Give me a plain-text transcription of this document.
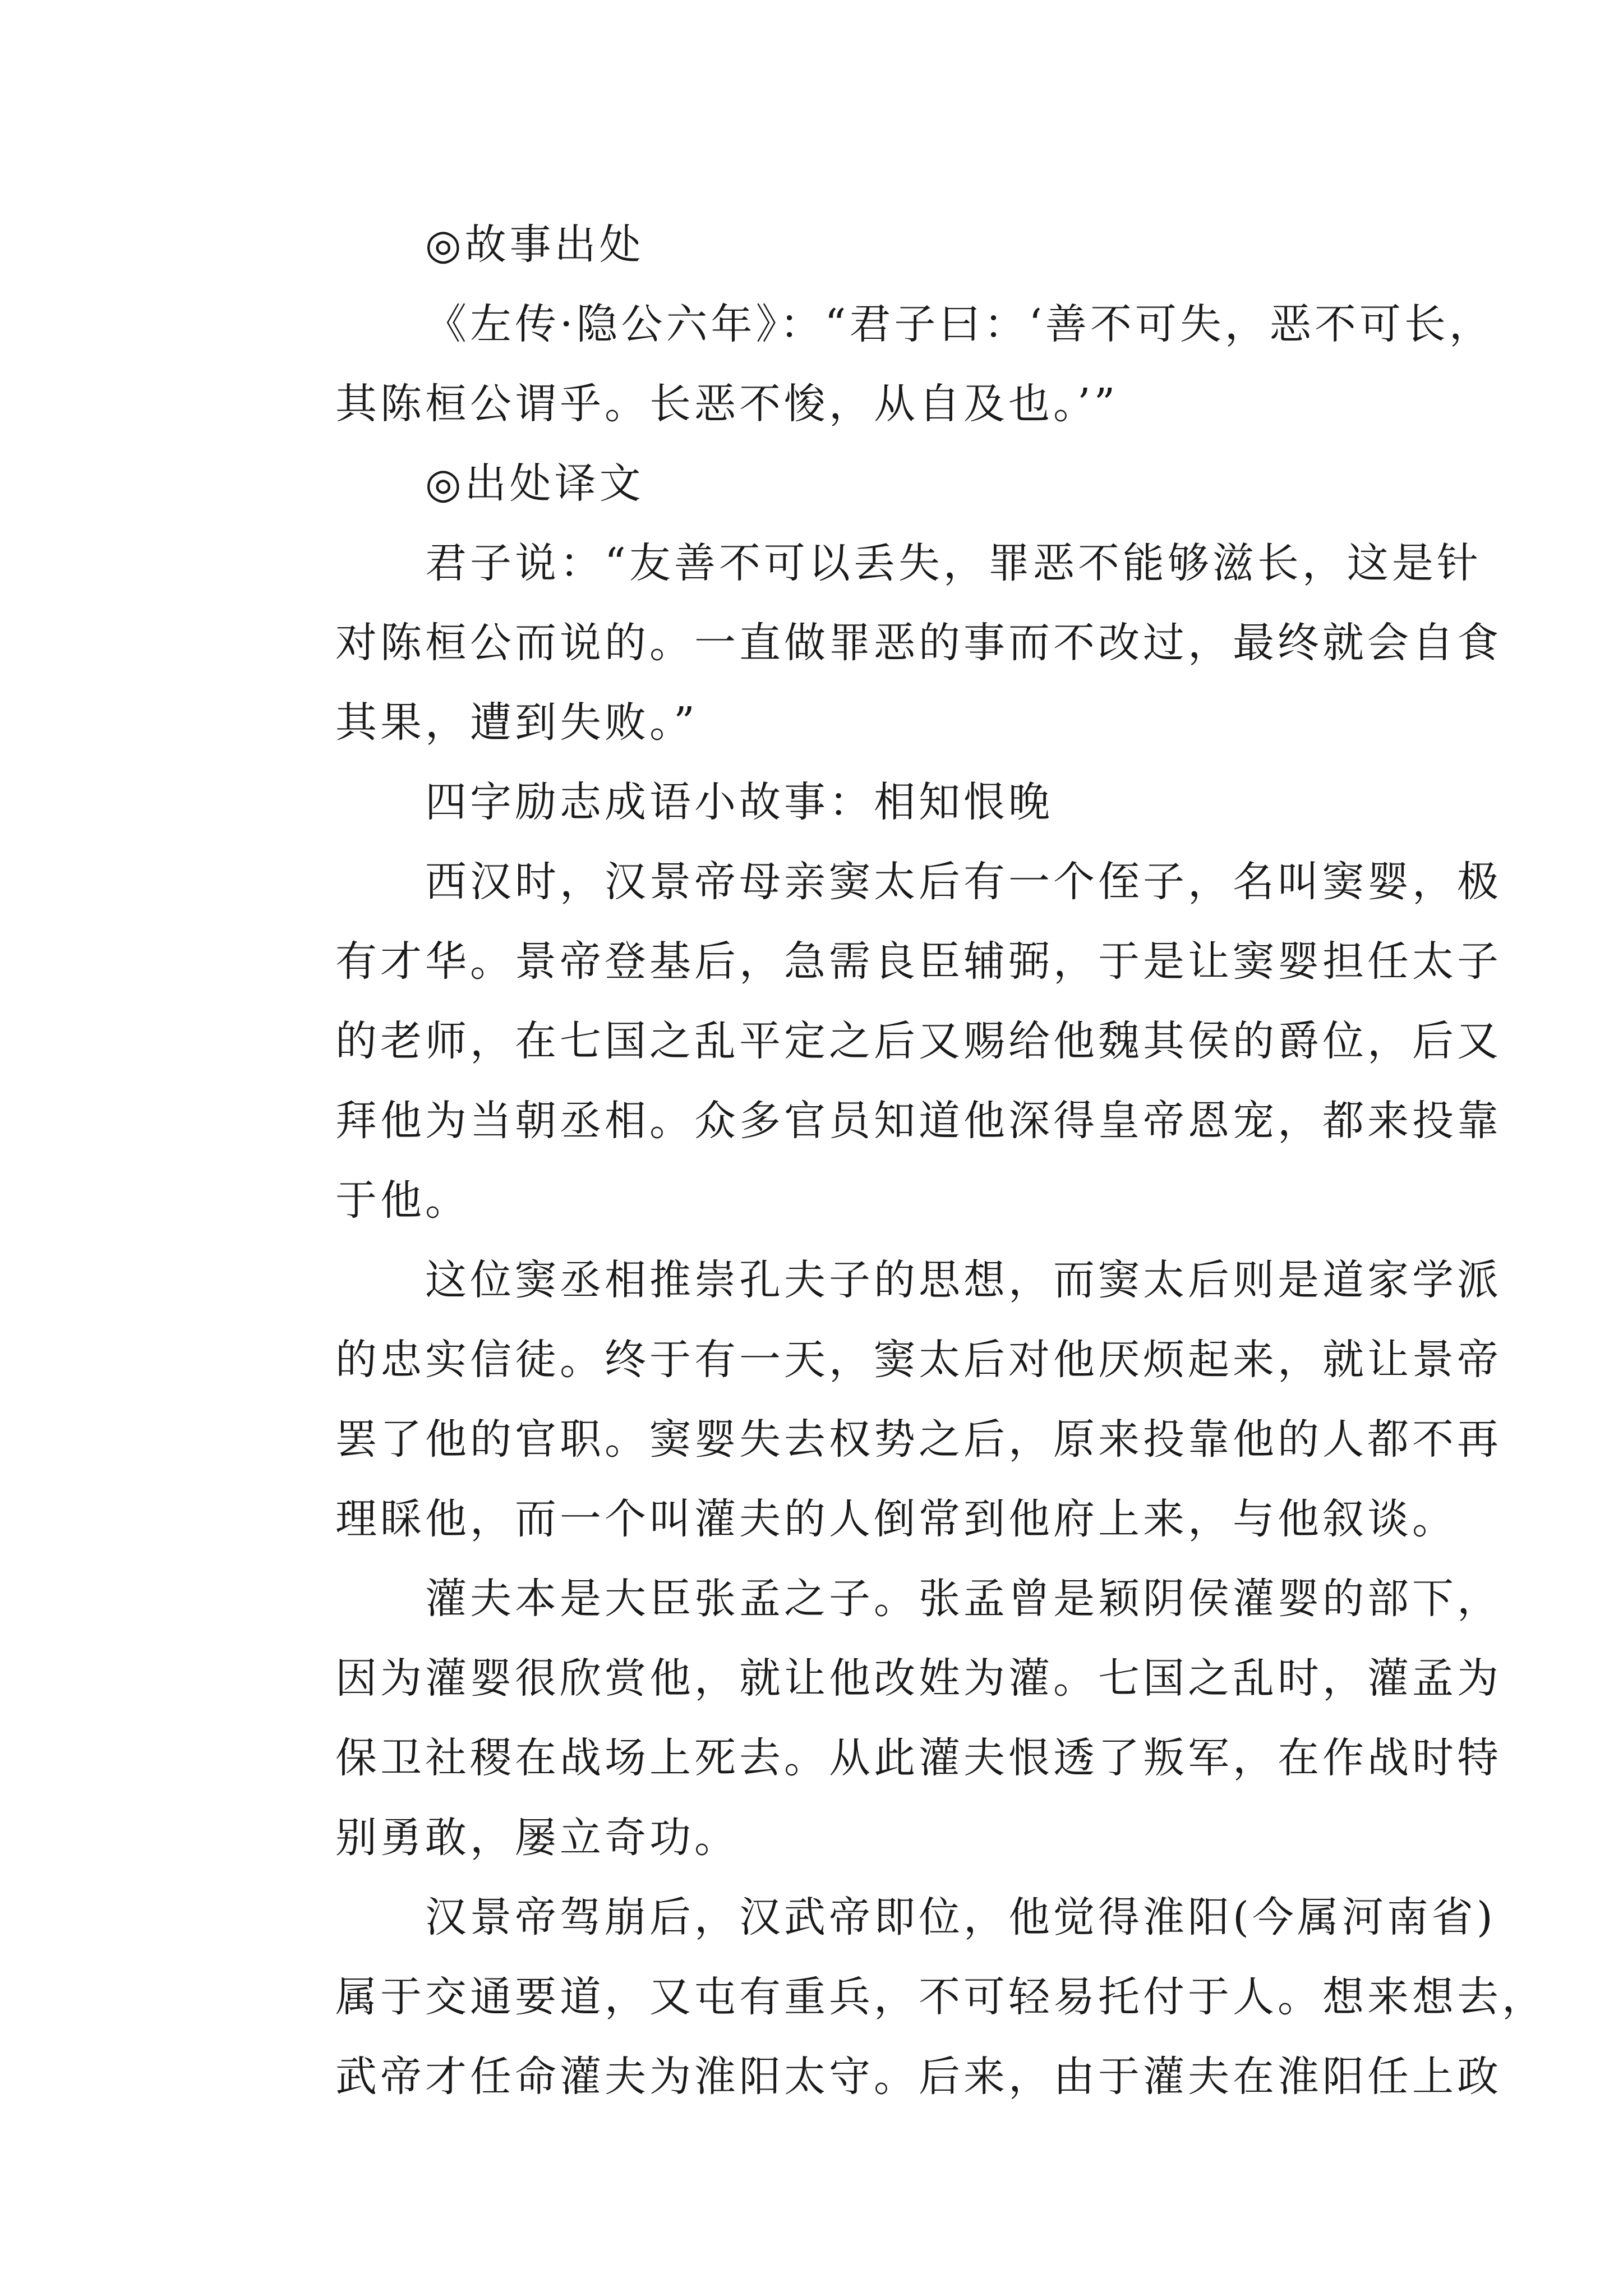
◎故事出处
《左传·隐公六年》：“君子曰：‘善不可失，恶不可长，
其陈桓公谓乎。长恶不悛，从自及也。’”
◎出处译文
君子说：“友善不可以丢失，罪恶不能够滋长，这是针
对陈桓公而说的。一直做罪恶的事而不改过，最终就会自食
其果，遭到失败。”
四字励志成语小故事：相知恨晚
西汉时，汉景帝母亲窦太后有一个侄子，名叫窦婴，极
有才华。景帝登基后，急需良臣辅弼，于是让窦婴担任太子
的老师，在七国之乱平定之后又赐给他魏其侯的爵位，后又
拜他为当朝丞相。众多官员知道他深得皇帝恩宠，都来投靠
于他。
这位窦丞相推崇孔夫子的思想，而窦太后则是道家学派
的忠实信徒。终于有一天，窦太后对他厌烦起来，就让景帝
罢了他的官职。窦婴失去权势之后，原来投靠他的人都不再
理睬他，而一个叫灌夫的人倒常到他府上来，与他叙谈。
灌夫本是大臣张孟之子。张孟曾是颖阴侯灌婴的部下，
因为灌婴很欣赏他，就让他改姓为灌。七国之乱时，灌孟为
保卫社稷在战场上死去。从此灌夫恨透了叛军，在作战时特
别勇敢，屡立奇功。
汉景帝驾崩后，汉武帝即位，他觉得淮阳(今属河南省)
属于交通要道，又屯有重兵，不可轻易托付于人。想来想去，
武帝才任命灌夫为淮阳太守。后来，由于灌夫在淮阳任上政
